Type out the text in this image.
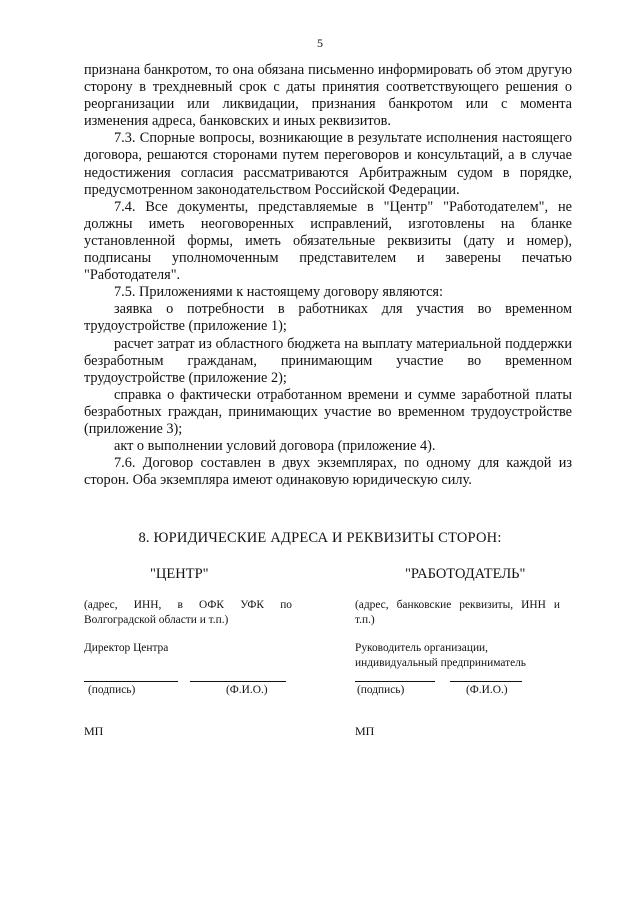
5

признана банкротом, то она обязана письменно информировать об этом другую сторону в трехдневный срок с даты принятия соответствующего решения о реорганизации или ликвидации, признания банкротом или с момента изменения адреса, банковских и иных реквизитов.

7.3. Спорные вопросы, возникающие в результате исполнения настоящего договора, решаются сторонами путем переговоров и консультаций, а в случае недостижения согласия рассматриваются Арбитражным судом в порядке, предусмотренном законодательством Российской Федерации.

7.4. Все документы, представляемые в "Центр" "Работодателем", не должны иметь неоговоренных исправлений, изготовлены на бланке установленной формы, иметь обязательные реквизиты (дату и номер), подписаны уполномоченным представителем и заверены печатью "Работодателя".

7.5. Приложениями к настоящему договору являются:

заявка о потребности в работниках для участия во временном трудоустройстве (приложение 1);

расчет затрат из областного бюджета на выплату материальной поддержки безработным гражданам, принимающим участие во временном трудоустройстве (приложение 2);

справка о фактически отработанном времени и сумме заработной платы безработных граждан, принимающих участие во временном трудоустройстве (приложение 3);

акт о выполнении условий договора (приложение 4).

7.6. Договор составлен в двух экземплярах, по одному для каждой из сторон. Оба экземпляра имеют одинаковую юридическую силу.

8. ЮРИДИЧЕСКИЕ АДРЕСА И РЕКВИЗИТЫ СТОРОН:
"ЦЕНТР"
(адрес, ИНН, в ОФК УФК по Волгоградской области и т.п.)
Директор Центра
(подпись)	(Ф.И.О.)
МП
"РАБОТОДАТЕЛЬ"
(адрес, банковские реквизиты, ИНН и т.п.)
Руководитель организации, индивидуальный предприниматель
(подпись)	(Ф.И.О.)
МП
